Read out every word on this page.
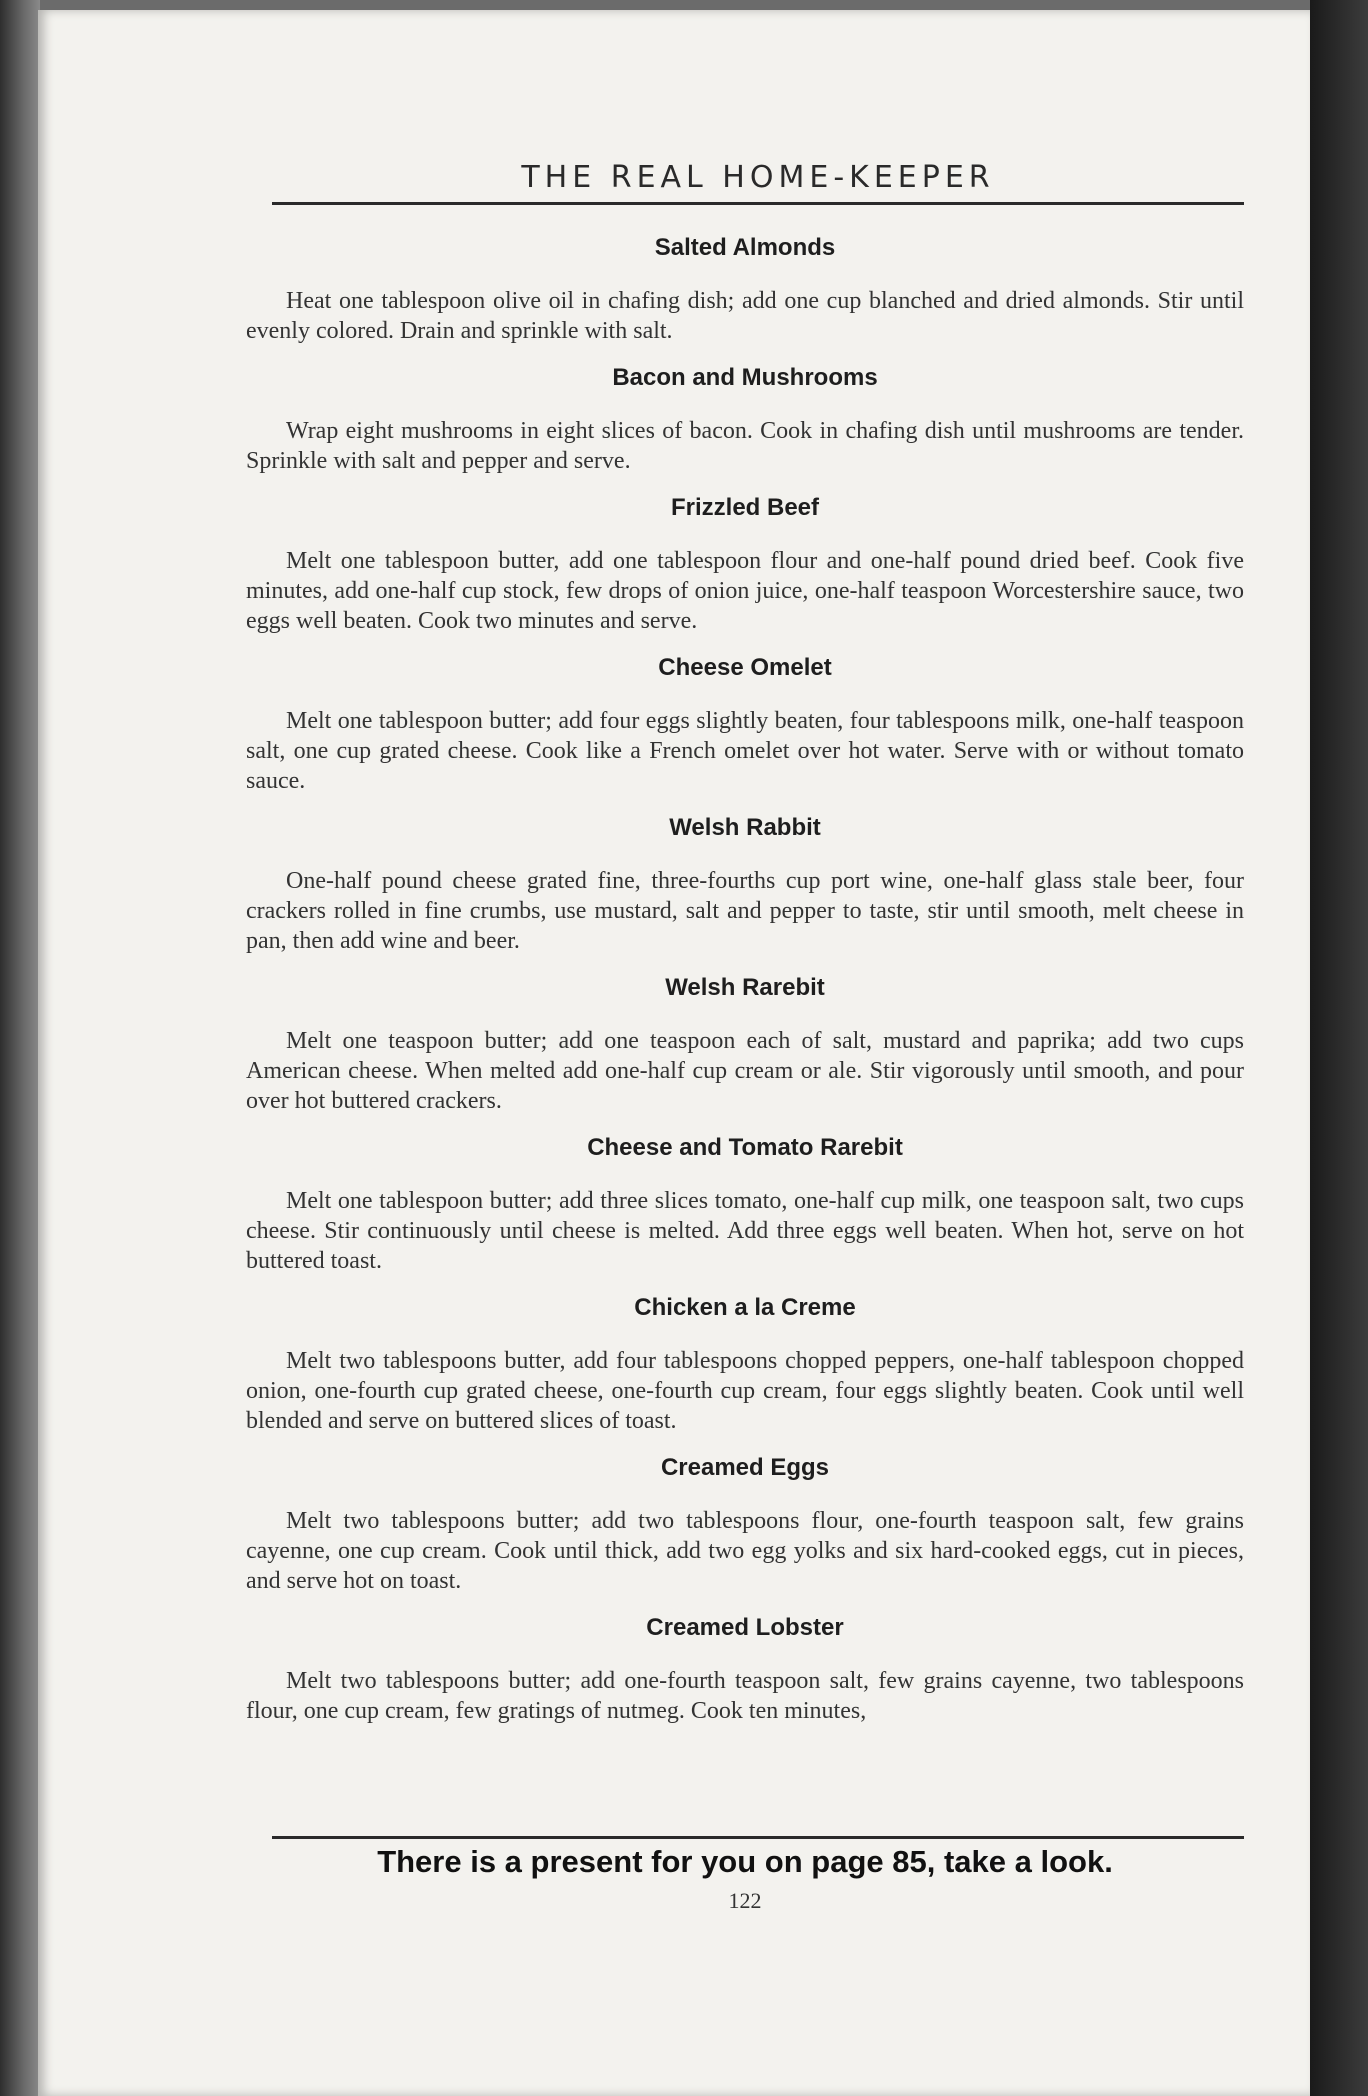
THE REAL HOME-KEEPER
Salted Almonds

Heat one tablespoon olive oil in chafing dish; add one cup blanched and dried almonds. Stir until evenly colored. Drain and sprinkle with salt.

Bacon and Mushrooms

Wrap eight mushrooms in eight slices of bacon. Cook in chafing dish until mushrooms are tender. Sprinkle with salt and pepper and serve.

Frizzled Beef

Melt one tablespoon butter, add one tablespoon flour and one-half pound dried beef. Cook five minutes, add one-half cup stock, few drops of onion juice, one-half teaspoon Worcestershire sauce, two eggs well beaten. Cook two minutes and serve.

Cheese Omelet

Melt one tablespoon butter; add four eggs slightly beaten, four tablespoons milk, one-half teaspoon salt, one cup grated cheese. Cook like a French omelet over hot water. Serve with or without tomato sauce.

Welsh Rabbit

One-half pound cheese grated fine, three-fourths cup port wine, one-half glass stale beer, four crackers rolled in fine crumbs, use mustard, salt and pepper to taste, stir until smooth, melt cheese in pan, then add wine and beer.

Welsh Rarebit

Melt one teaspoon butter; add one teaspoon each of salt, mustard and paprika; add two cups American cheese. When melted add one-half cup cream or ale. Stir vigorously until smooth, and pour over hot buttered crackers.

Cheese and Tomato Rarebit

Melt one tablespoon butter; add three slices tomato, one-half cup milk, one teaspoon salt, two cups cheese. Stir continuously until cheese is melted. Add three eggs well beaten. When hot, serve on hot buttered toast.

Chicken a la Creme

Melt two tablespoons butter, add four tablespoons chopped peppers, one-half tablespoon chopped onion, one-fourth cup grated cheese, one-fourth cup cream, four eggs slightly beaten. Cook until well blended and serve on buttered slices of toast.

Creamed Eggs

Melt two tablespoons butter; add two tablespoons flour, one-fourth teaspoon salt, few grains cayenne, one cup cream. Cook until thick, add two egg yolks and six hard-cooked eggs, cut in pieces, and serve hot on toast.

Creamed Lobster

Melt two tablespoons butter; add one-fourth teaspoon salt, few grains cayenne, two tablespoons flour, one cup cream, few gratings of nutmeg. Cook ten minutes,

There is a present for you on page 85, take a look.
122
